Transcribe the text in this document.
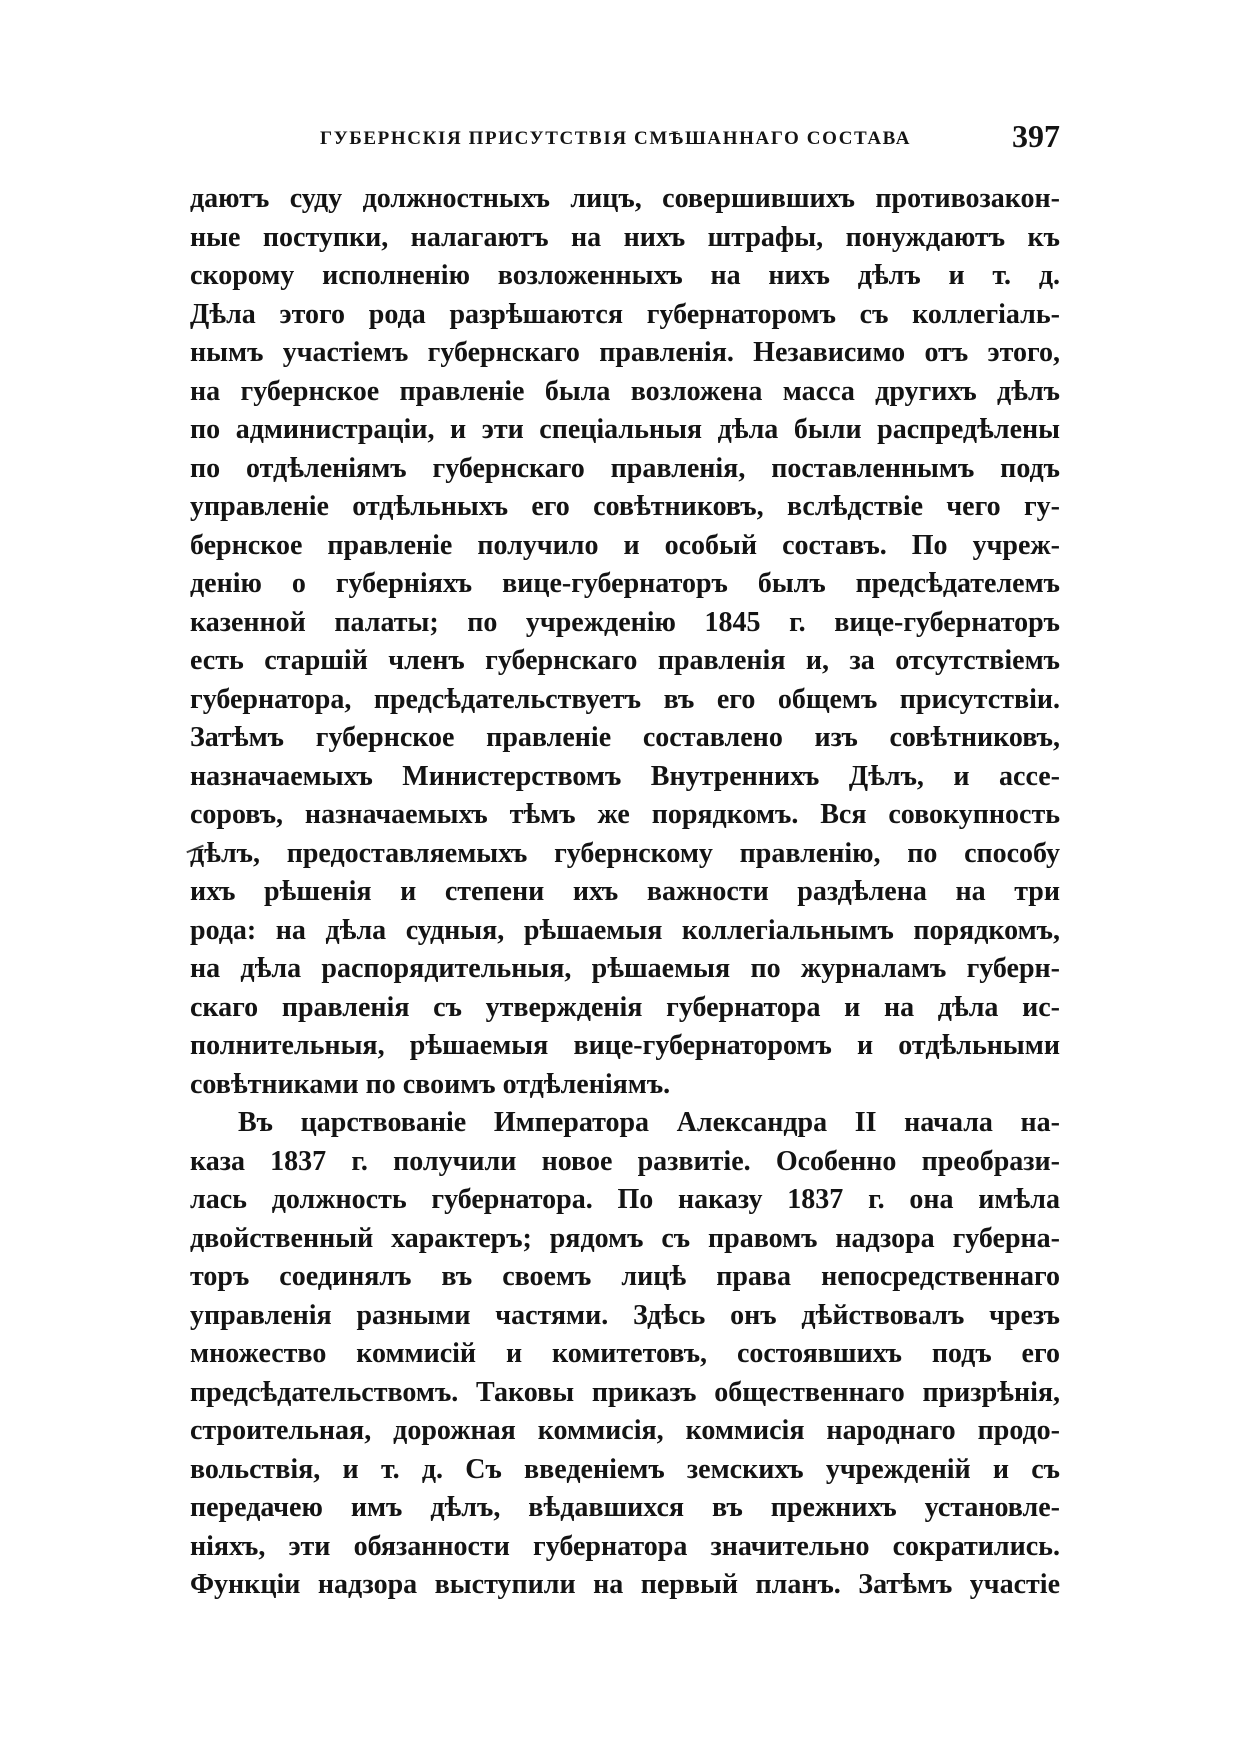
ГУБЕРНСКІЯ ПРИСУТСТВІЯ СМѢШАННАГО СОСТАВА	397
даютъ суду должностныхъ лицъ, совершившихъ противозакон-
ные поступки, налагаютъ на нихъ штрафы, понуждаютъ къ
скорому исполненію возложенныхъ на нихъ дѣлъ и т. д.
Дѣла этого рода разрѣшаются губернаторомъ съ коллегіаль-
нымъ участіемъ губернскаго правленія. Независимо отъ этого,
на губернское правленіе была возложена масса другихъ дѣлъ
по администраціи, и эти спеціальныя дѣла были распредѣлены
по отдѣленіямъ губернскаго правленія, поставленнымъ подъ
управленіе отдѣльныхъ его совѣтниковъ, вслѣдствіе чего гу-
бернское правленіе получило и особый составъ. По учреж-
денію о губерніяхъ вице-губернаторъ былъ предсѣдателемъ
казенной палаты; по учрежденію 1845 г. вице-губернаторъ
есть старшій членъ губернскаго правленія и, за отсутствіемъ
губернатора, предсѣдательствуетъ въ его общемъ присутствіи.
Затѣмъ губернское правленіе составлено изъ совѣтниковъ,
назначаемыхъ Министерствомъ Внутреннихъ Дѣлъ, и ассе-
соровъ, назначаемыхъ тѣмъ же порядкомъ. Вся совокупность
дѣлъ, предоставляемыхъ губернскому правленію, по способу
ихъ рѣшенія и степени ихъ важности раздѣлена на три
рода: на дѣла судныя, рѣшаемыя коллегіальнымъ порядкомъ,
на дѣла распорядительныя, рѣшаемыя по журналамъ губерн-
скаго правленія съ утвержденія губернатора и на дѣла ис-
полнительныя, рѣшаемыя вице-губернаторомъ и отдѣльными
совѣтниками по своимъ отдѣленіямъ.
Въ царствованіе Императора Александра II начала на-
каза 1837 г. получили новое развитіе. Особенно преобрази-
лась должность губернатора. По наказу 1837 г. она имѣла
двойственный характеръ; рядомъ съ правомъ надзора губерна-
торъ соединялъ въ своемъ лицѣ права непосредственнаго
управленія разными частями. Здѣсь онъ дѣйствовалъ чрезъ
множество коммисій и комитетовъ, состоявшихъ подъ его
предсѣдательствомъ. Таковы приказъ общественнаго призрѣнія,
строительная, дорожная коммисія, коммисія народнаго продо-
вольствія, и т. д. Съ введеніемъ земскихъ учрежденій и съ
передачею имъ дѣлъ, вѣдавшихся въ прежнихъ установле-
ніяхъ, эти обязанности губернатора значительно сократились.
Функціи надзора выступили на первый планъ. Затѣмъ участіе
